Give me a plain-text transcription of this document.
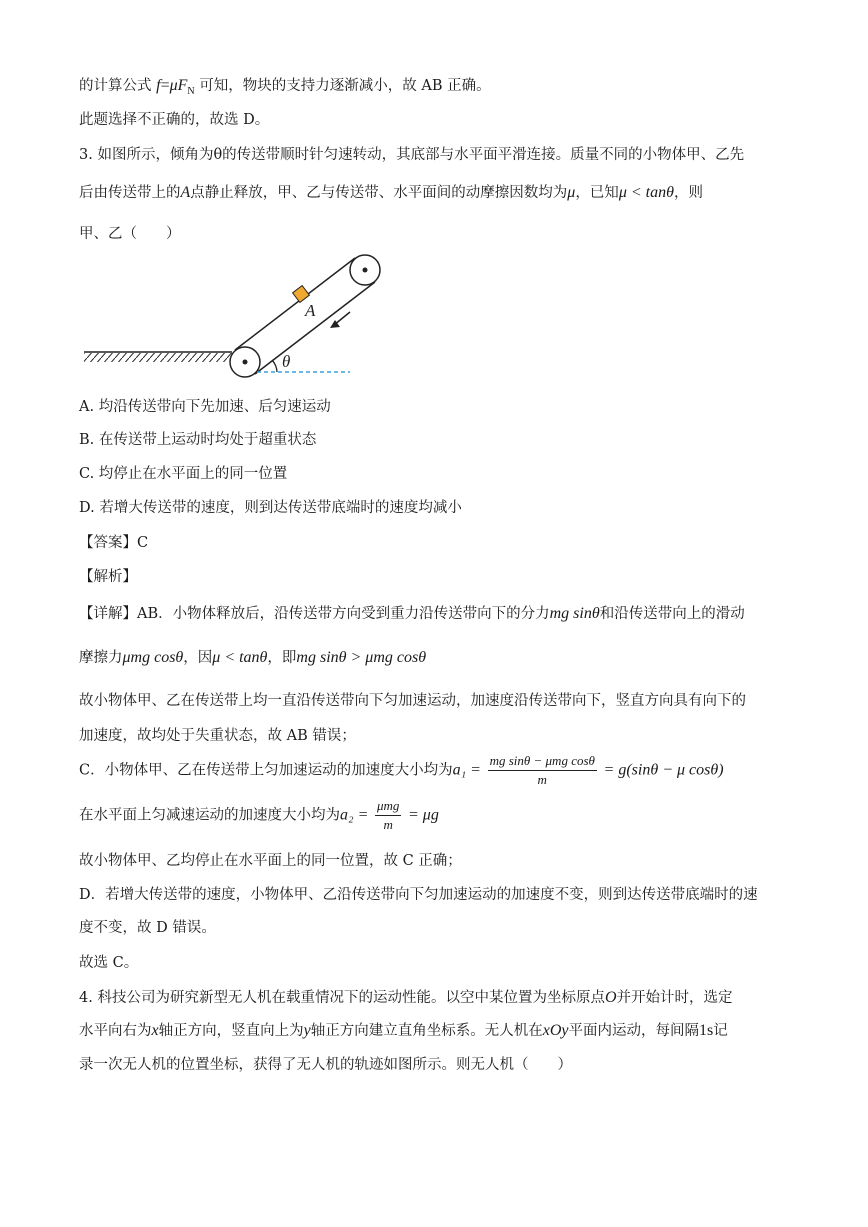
的计算公式 $f=\mu F_N$ 可知，物块的支持力逐渐减小，故 AB 正确。
此题选择不正确的，故选 D。
3. 如图所示，倾角为θ的传送带顺时针匀速转动，其底部与水平面平滑连接。质量不同的小物体甲、乙先
后由传送带上的A点静止释放，甲、乙与传送带、水平面间的动摩擦因数均为μ，已知μ < tanθ，则
甲、乙（　　）
A
θ
A. 均沿传送带向下先加速、后匀速运动
B. 在传送带上运动时均处于超重状态
C. 均停止在水平面上的同一位置
D. 若增大传送带的速度，则到达传送带底端时的速度均减小
【答案】C
【解析】
【详解】AB．小物体释放后，沿传送带方向受到重力沿传送带向下的分力mg sinθ和沿传送带向上的滑动
摩擦力μmg cosθ，因μ < tanθ，即mg sinθ > μmg cosθ
故小物体甲、乙在传送带上均一直沿传送带向下匀加速运动，加速度沿传送带向下，竖直方向具有向下的
加速度，故均处于失重状态，故 AB 错误；
C．小物体甲、乙在传送带上匀加速运动的加速度大小均为$a_1 = \frac{\text{mg sinθ − μmg cosθ}}{m} = g(\sin\theta - \mu$ cosθ)
在水平面上匀减速运动的加速度大小均为$a_2 = \frac{\text{μmg}}{m} = \mu g$
故小物体甲、乙均停止在水平面上的同一位置，故 C 正确；
D．若增大传送带的速度，小物体甲、乙沿传送带向下匀加速运动的加速度不变，则到达传送带底端时的速
度不变，故 D 错误。
故选 C。
4. 科技公司为研究新型无人机在载重情况下的运动性能。以空中某位置为坐标原点O并开始计时，选定
水平向右为x轴正方向，竖直向上为y轴正方向建立直角坐标系。无人机在xOy平面内运动，每间隔1s记
录一次无人机的位置坐标，获得了无人机的轨迹如图所示。则无人机（　　）
